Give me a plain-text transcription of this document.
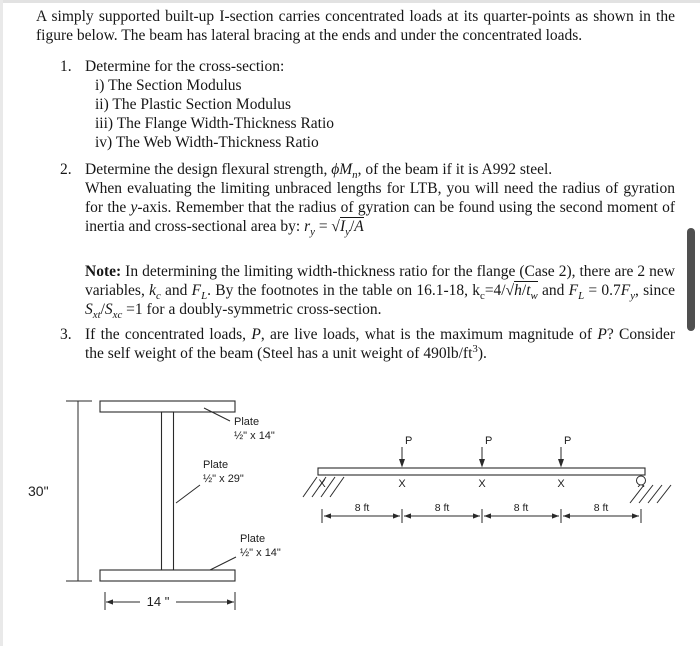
A simply supported built-up I-section carries concentrated loads at its quarter-points as shown in the figure below. The beam has lateral bracing at the ends and under the concentrated loads.

1. Determine for the cross-section:
i) The Section Modulus
ii) The Plastic Section Modulus
iii) The Flange Width-Thickness Ratio
iv) The Web Width-Thickness Ratio
2. Determine the design flexural strength, $\phi M_n$, of the beam if it is A992 steel.
When evaluating the limiting unbraced lengths for LTB, you will need the radius of gyration for the y-axis. Remember that the radius of gyration can be found using the second moment of inertia and cross-sectional area by: $r_y = √I_y/A$
Note: In determining the limiting width-thickness ratio for the flange (Case 2), there are 2 new variables, $k_c$ and $F_L$. By the footnotes in the table on 16.1-18, $k_c=4/√h/t_w$ and $F_L = 0.7F_y$, since $S_{xt}/S_{xc} =1$ for a doubly-symmetric cross-section.
3. If the concentrated loads, P, are live loads, what is the maximum magnitude of P? Consider the self weight of the beam (Steel has a unit weight of $490lb/ft^3$).
30"
Plate
½" x 14"
Plate
½" x 29"
Plate
½" x 14"
14 "
P	P	P
X	X	X	X
8 ft	8 ft	8 ft	8 ft
